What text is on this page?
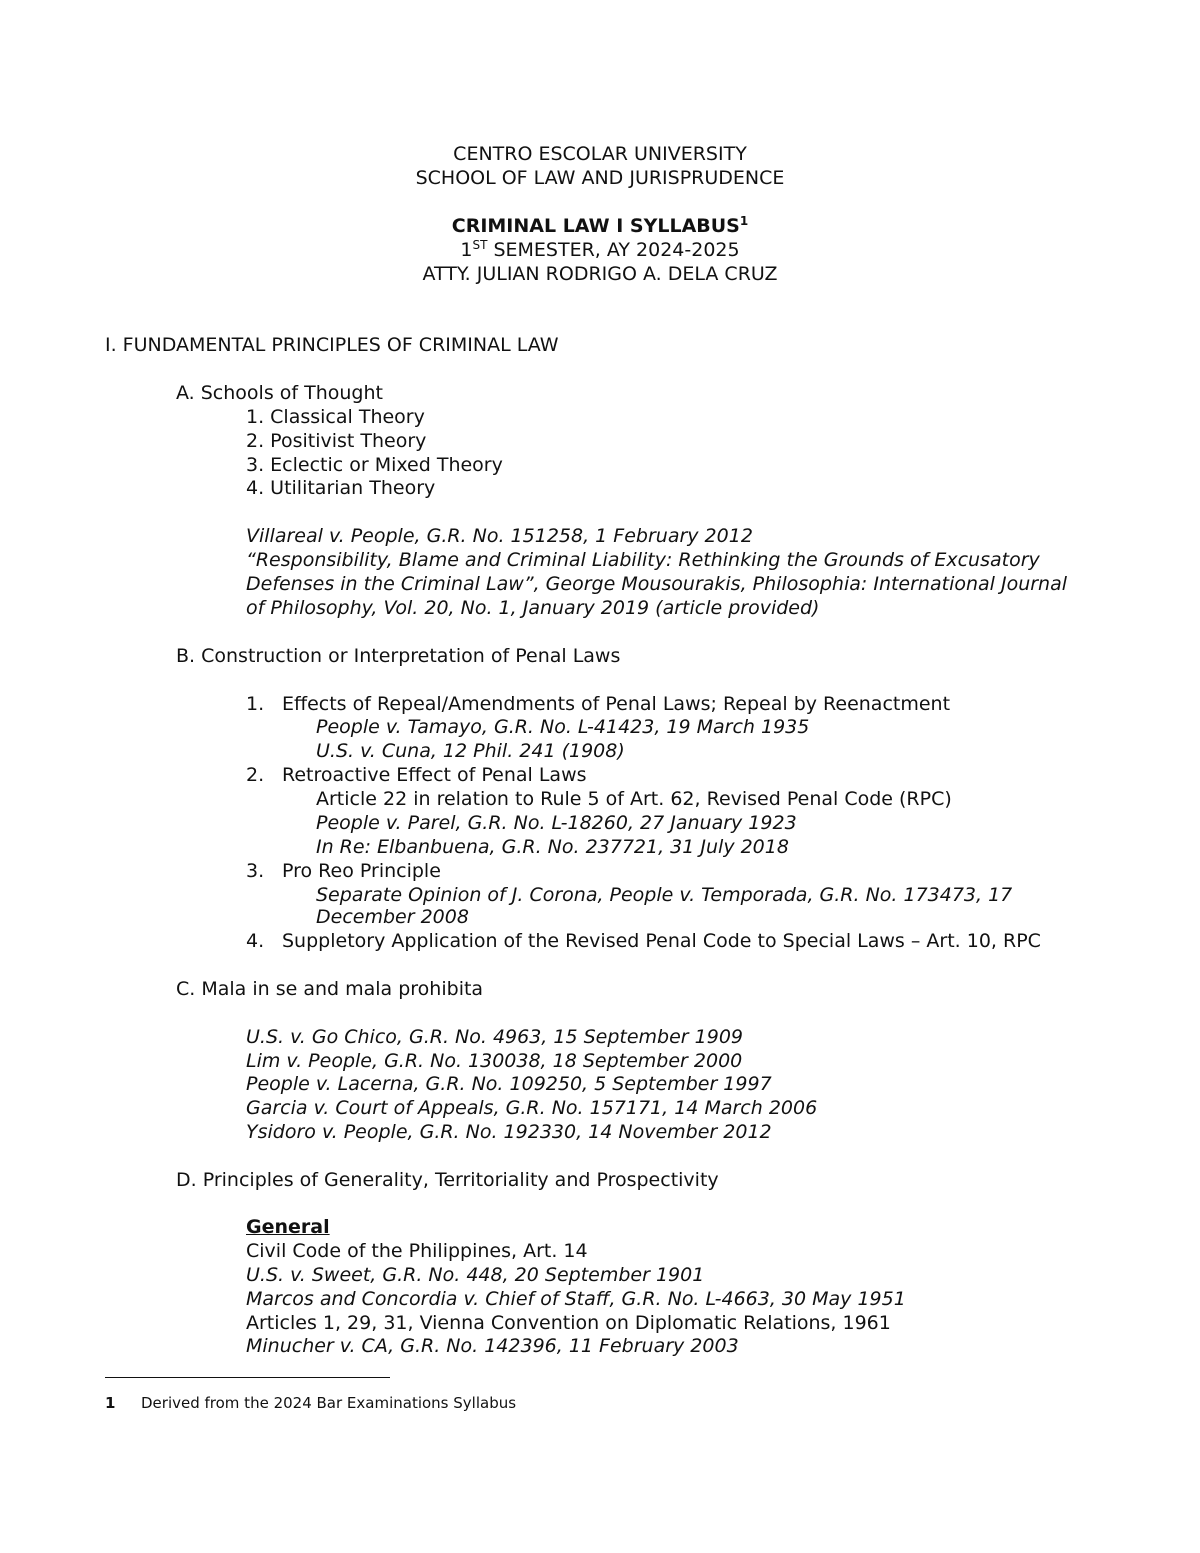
CENTRO ESCOLAR UNIVERSITY
SCHOOL OF LAW AND JURISPRUDENCE
CRIMINAL LAW I SYLLABUS$^1$
1ST SEMESTER, AY 2024-2025
ATTY. JULIAN RODRIGO A. DELA CRUZ
I. FUNDAMENTAL PRINCIPLES OF CRIMINAL LAW
A. Schools of Thought
1. Classical Theory
2. Positivist Theory
3. Eclectic or Mixed Theory
4. Utilitarian Theory
Villareal v. People, G.R. No. 151258, 1 February 2012
“Responsibility, Blame and Criminal Liability: Rethinking the Grounds of Excusatory
Defenses in the Criminal Law”, George Mousourakis, Philosophia: International Journal
of Philosophy, Vol. 20, No. 1, January 2019 (article provided)
B. Construction or Interpretation of Penal Laws
1. Effects of Repeal/Amendments of Penal Laws; Repeal by Reenactment
People v. Tamayo, G.R. No. L-41423, 19 March 1935
U.S. v. Cuna, 12 Phil. 241 (1908)
2. Retroactive Effect of Penal Laws
Article 22 in relation to Rule 5 of Art. 62, Revised Penal Code (RPC)
People v. Parel, G.R. No. L-18260, 27 January 1923
In Re: Elbanbuena, G.R. No. 237721, 31 July 2018
3. Pro Reo Principle
Separate Opinion of J. Corona, People v. Temporada, G.R. No. 173473, 17
December 2008
4. Suppletory Application of the Revised Penal Code to Special Laws – Art. 10, RPC
C. Mala in se and mala prohibita
U.S. v. Go Chico, G.R. No. 4963, 15 September 1909
Lim v. People, G.R. No. 130038, 18 September 2000
People v. Lacerna, G.R. No. 109250, 5 September 1997
Garcia v. Court of Appeals, G.R. No. 157171, 14 March 2006
Ysidoro v. People, G.R. No. 192330, 14 November 2012
D. Principles of Generality, Territoriality and Prospectivity
General
Civil Code of the Philippines, Art. 14
U.S. v. Sweet, G.R. No. 448, 20 September 1901
Marcos and Concordia v. Chief of Staff, G.R. No. L-4663, 30 May 1951
Articles 1, 29, 31, Vienna Convention on Diplomatic Relations, 1961
Minucher v. CA, G.R. No. 142396, 11 February 2003
1 Derived from the 2024 Bar Examinations Syllabus
